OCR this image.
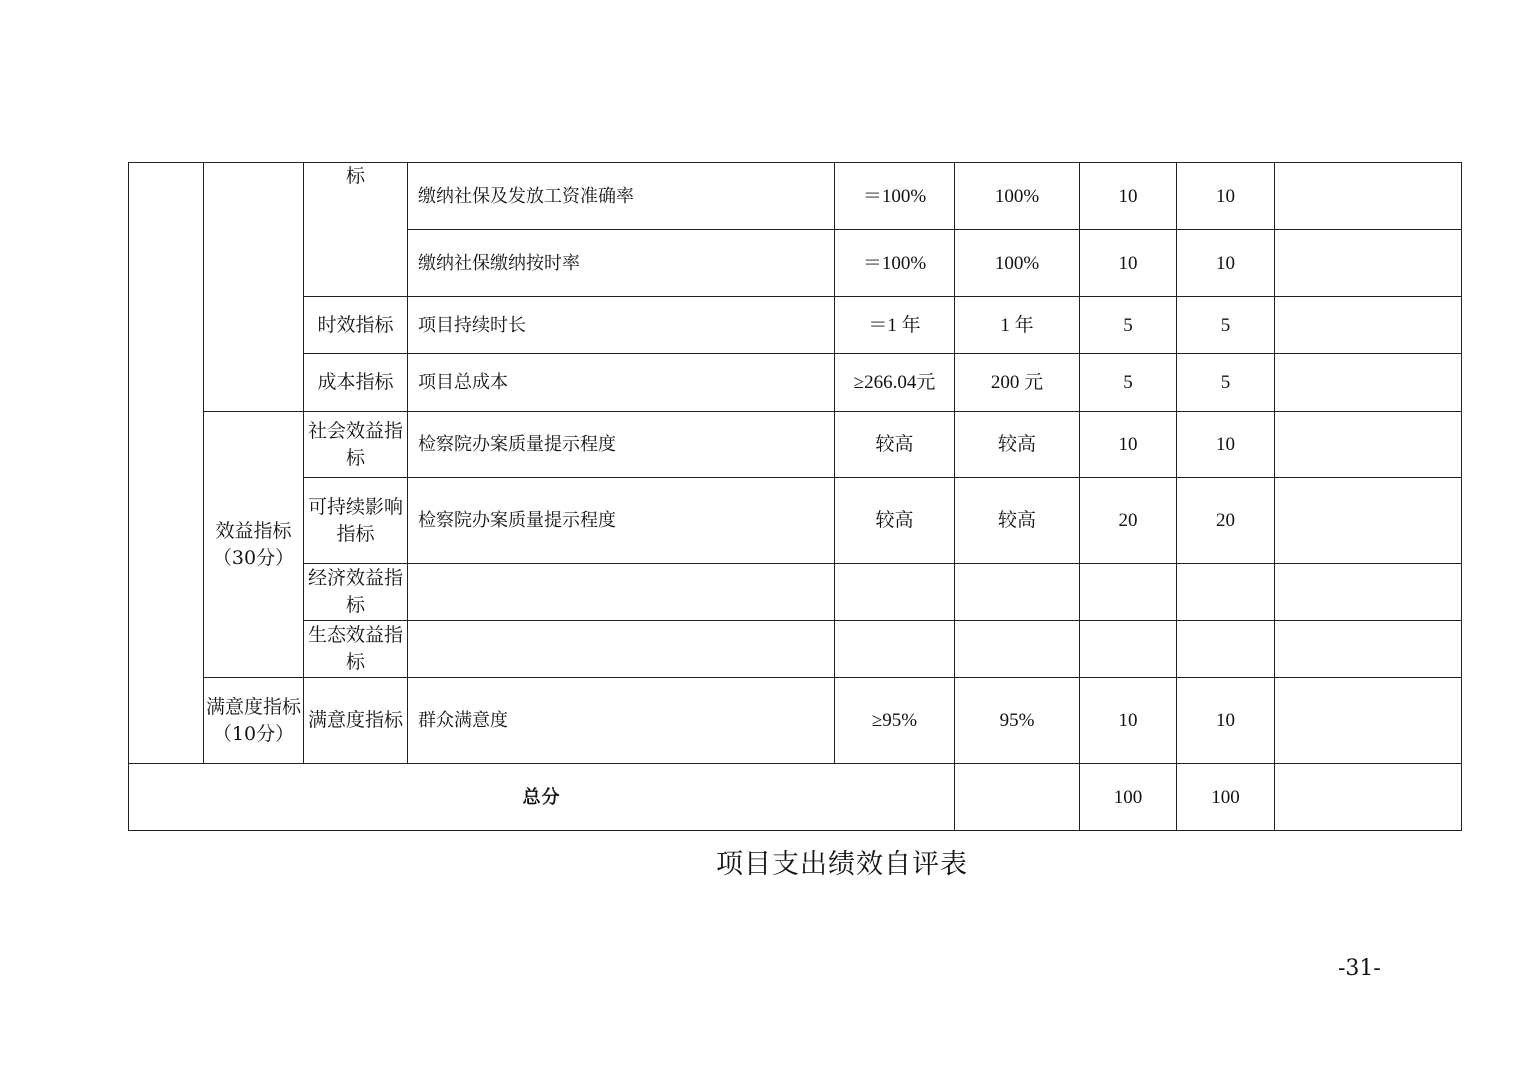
		标	缴纳社保及发放工资准确率	＝100%	100%	10	10	
			缴纳社保缴纳按时率	＝100%	100%	10	10	
		时效指标	项目持续时长	＝1 年	1 年	5	5	
		成本指标	项目总成本	≥266.04元	200 元	5	5	
	效益指标（30分）	社会效益指标	检察院办案质量提示程度	较高	较高	10	10	
		可持续影响指标	检察院办案质量提示程度	较高	较高	20	20	
		经济效益指标						
		生态效益指标						
	满意度指标（10分）	满意度指标	群众满意度	≥95%	95%	10	10	
总分						100	100	
项目支出绩效自评表
-31-
